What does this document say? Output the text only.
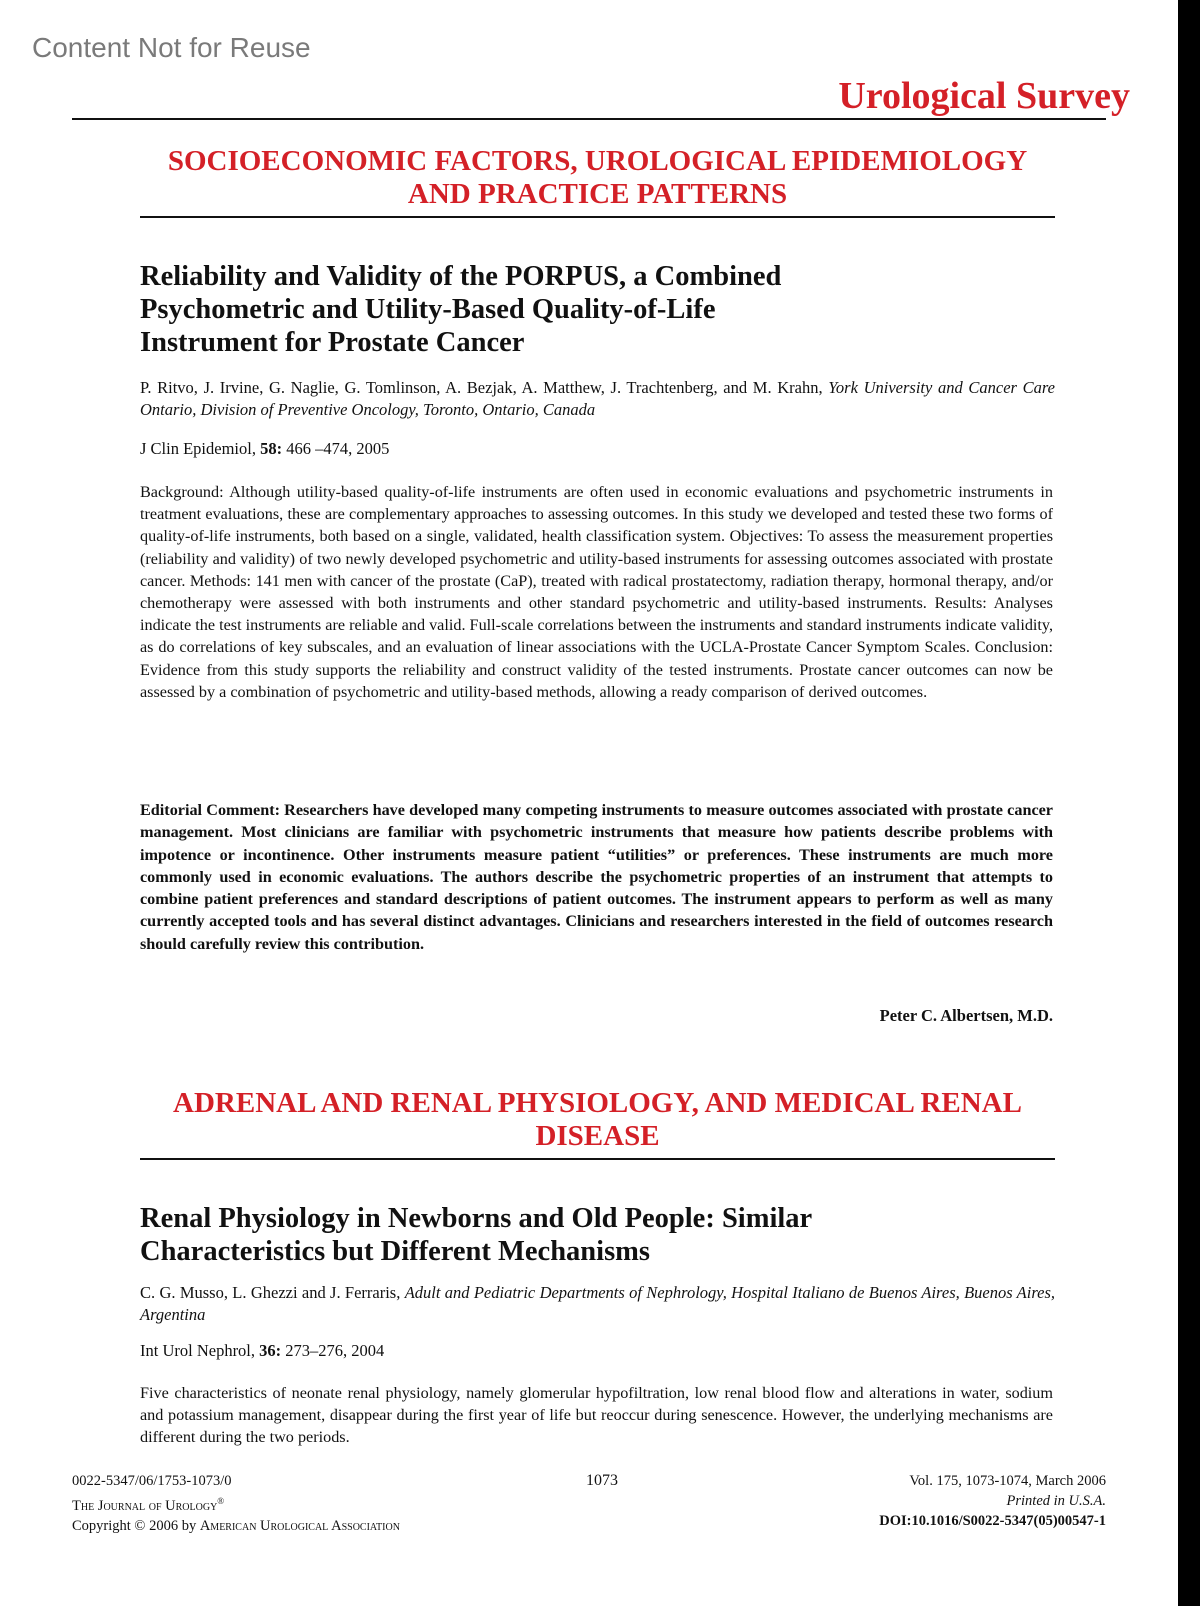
Content Not for Reuse
Urological Survey
SOCIOECONOMIC FACTORS, UROLOGICAL EPIDEMIOLOGY AND PRACTICE PATTERNS
Reliability and Validity of the PORPUS, a Combined Psychometric and Utility-Based Quality-of-Life Instrument for Prostate Cancer
P. Ritvo, J. Irvine, G. Naglie, G. Tomlinson, A. Bezjak, A. Matthew, J. Trachtenberg, and M. Krahn, York University and Cancer Care Ontario, Division of Preventive Oncology, Toronto, Ontario, Canada
J Clin Epidemiol, 58: 466 –474, 2005
Background: Although utility-based quality-of-life instruments are often used in economic evaluations and psychometric instruments in treatment evaluations, these are complementary approaches to assessing outcomes. In this study we developed and tested these two forms of quality-of-life instruments, both based on a single, validated, health classification system. Objectives: To assess the measurement properties (reliability and validity) of two newly developed psychometric and utility-based instruments for assessing outcomes associated with prostate cancer. Methods: 141 men with cancer of the prostate (CaP), treated with radical prostatectomy, radiation therapy, hormonal therapy, and/or chemotherapy were assessed with both instruments and other standard psychometric and utility-based instruments. Results: Analyses indicate the test instruments are reliable and valid. Full-scale correlations between the instruments and standard instruments indicate validity, as do correlations of key subscales, and an evaluation of linear associations with the UCLA-Prostate Cancer Symptom Scales. Conclusion: Evidence from this study supports the reliability and construct validity of the tested instruments. Prostate cancer outcomes can now be assessed by a combination of psychometric and utility-based methods, allowing a ready comparison of derived outcomes.
Editorial Comment: Researchers have developed many competing instruments to measure outcomes associated with prostate cancer management. Most clinicians are familiar with psychometric instruments that measure how patients describe problems with impotence or incontinence. Other instruments measure patient “utilities” or preferences. These instruments are much more commonly used in economic evaluations. The authors describe the psychometric properties of an instrument that attempts to combine patient preferences and standard descriptions of patient outcomes. The instrument appears to perform as well as many currently accepted tools and has several distinct advantages. Clinicians and researchers interested in the field of outcomes research should carefully review this contribution.
Peter C. Albertsen, M.D.
ADRENAL AND RENAL PHYSIOLOGY, AND MEDICAL RENAL DISEASE
Renal Physiology in Newborns and Old People: Similar Characteristics but Different Mechanisms
C. G. Musso, L. Ghezzi and J. Ferraris, Adult and Pediatric Departments of Nephrology, Hospital Italiano de Buenos Aires, Buenos Aires, Argentina
Int Urol Nephrol, 36: 273–276, 2004
Five characteristics of neonate renal physiology, namely glomerular hypofiltration, low renal blood flow and alterations in water, sodium and potassium management, disappear during the first year of life but reoccur during senescence. However, the underlying mechanisms are different during the two periods.
0022-5347/06/1753-1073/0
The Journal of Urology®
Copyright © 2006 by American Urological Association
1073	Vol. 175, 1073-1074, March 2006
Printed in U.S.A.
DOI:10.1016/S0022-5347(05)00547-1
